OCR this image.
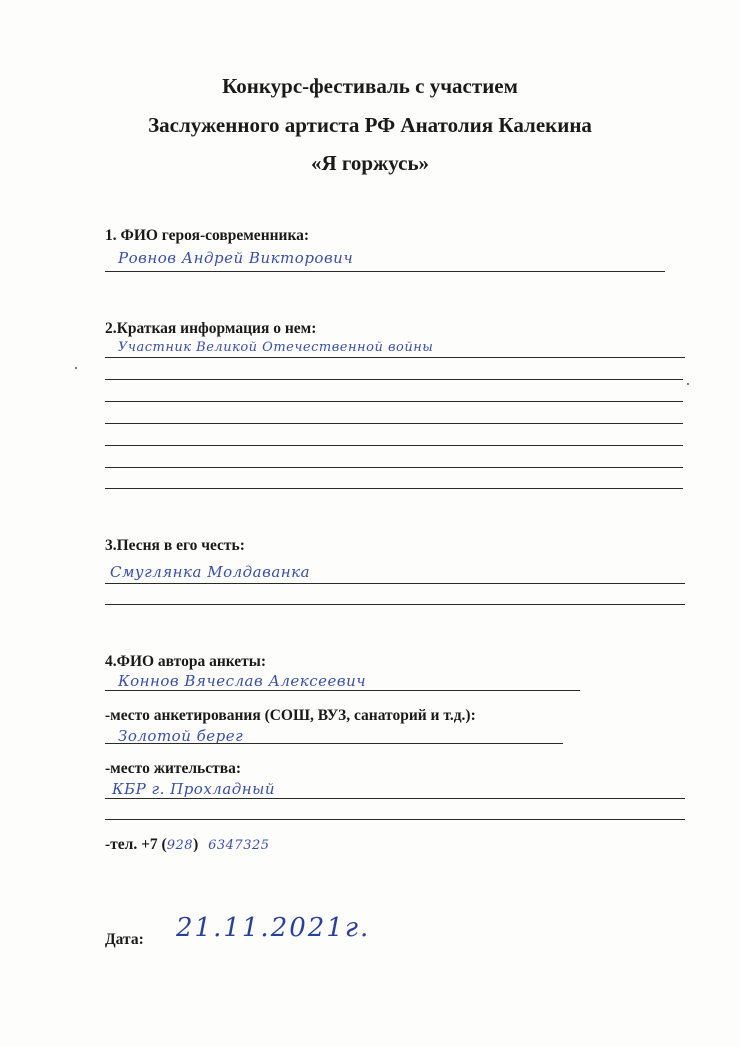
Конкурс-фестиваль с участием
Заслуженного артиста РФ Анатолия Калекина
«Я горжусь»
1. ФИО героя-современника:
Ровнов Андрей Викторович
2.Краткая информация о нем:
Участник Великой Отечественной войны
3.Песня в его честь:
Смуглянка Молдаванка
4.ФИО автора анкеты:
Коннов Вячеслав Алексеевич
-место анкетирования (СОШ, ВУЗ, санаторий и т.д.):
Золотой берег
-место жительства:
КБР г. Прохладный
-тел. +7 (928) 6347325
Дата: 21.11.2021г.
